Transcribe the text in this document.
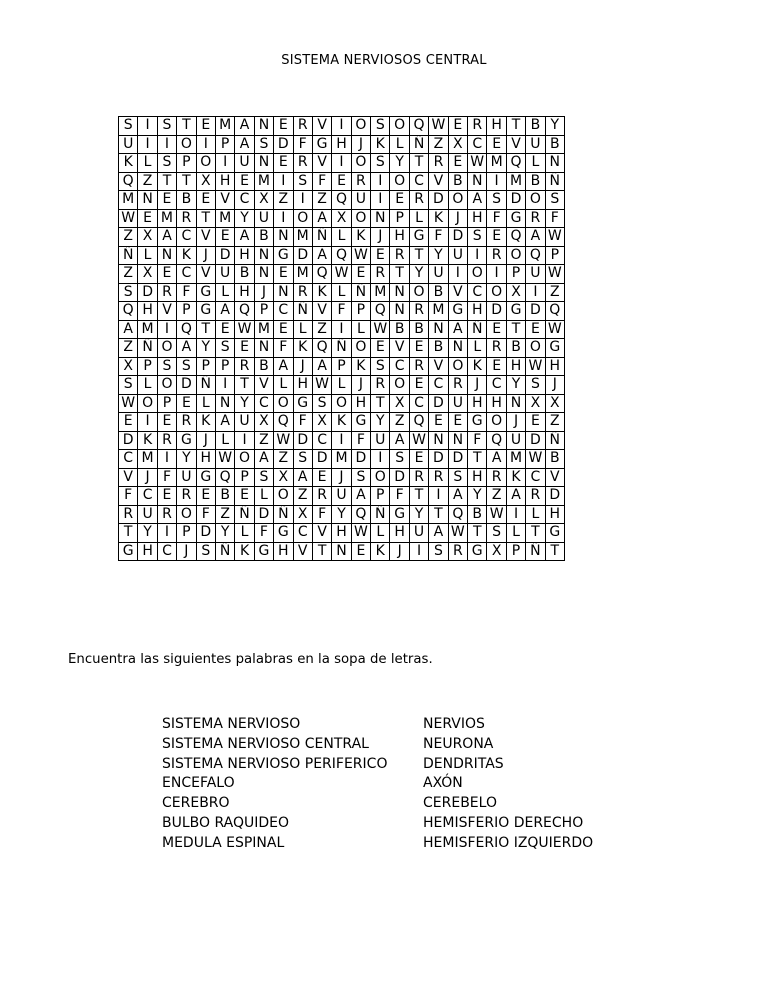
SISTEMA NERVIOSOS CENTRAL
S	I	S	T	E	M	A	N	E	R	V	I	O	S	O	Q	W	E	R	H	T	B	Y
U	I	I	O	I	P	A	S	D	F	G	H	J	K	L	Ñ	Z	X	C	E	V	U	B
K	L	S	P	O	I	U	N	E	R	V	I	O	S	Y	T	R	E	W	M	Q	L	N
Q	Z	T	T	X	H	E	M	I	S	F	E	R	I	O	C	V	B	N	I	M	B	Ñ
M	N	E	B	E	V	C	X	Z	I	Z	Q	U	I	E	R	D	O	A	S	D	O	S
W	E	M	R	T	M	Y	U	I	O	A	X	O	N	P	L	K	J	H	F	G	R	F
Z	X	A	C	V	E	A	B	N	M	Ñ	L	K	J	H	G	F	D	S	E	Q	A	W
Ñ	L	N	K	J	D	H	N	G	D	A	Q	W	E	R	T	Y	U	I	R	O	Q	P
Z	X	E	C	V	U	B	N	E	M	Q	W	E	R	T	Y	U	I	O	I	P	U	W
S	D	R	F	G	L	H	J	N	R	K	L	Ñ	M	N	O	B	V	C	O	X	I	Z
Q	H	V	P	G	A	Q	P	C	Ñ	V	F	P	Q	N	R	M	G	H	D	G	D	Q
A	M	I	Q	T	E	W	M	E	L	Z	I	L	W	B	B	N	A	Ñ	E	T	E	W
Z	Ñ	O	A	Y	S	E	N	F	K	Q	Ñ	O	E	V	E	B	N	L	R	B	O	G
X	P	S	S	P	P	R	B	A	J	A	P	K	S	C	R	V	O	K	E	H	W	H
S	L	O	D	Ñ	I	T	V	L	H	W	L	J	R	O	E	C	R	J	C	Y	S	J
W	O	P	E	L	N	Y	C	O	G	S	O	H	T	X	C	D	U	H	H	N	X	X
E	I	E	R	K	A	U	X	Q	F	X	K	G	Y	Z	Q	E	E	G	O	J	E	Z
D	K	R	G	J	L	I	Z	W	D	C	I	F	U	A	W	N	N	F	Q	U	D	Ñ
C	M	I	Y	H	W	O	A	Z	S	D	M	D	I	S	E	D	D	T	A	M	W	B
V	J	F	U	G	Q	P	S	X	A	E	J	S	O	D	R	R	S	H	R	K	C	V
F	C	E	R	E	B	E	L	O	Z	R	U	A	P	F	T	I	A	Y	Z	A	R	D
R	U	R	O	F	Z	Ñ	D	Ñ	X	F	Y	Q	Ñ	G	Y	T	Q	B	W	I	L	H
T	Y	I	P	D	Y	L	F	G	C	V	H	W	L	H	U	A	W	T	S	L	T	G
G	H	C	J	S	Ñ	K	G	H	V	T	N	E	K	J	I	S	R	G	X	P	Ñ	T
Encuentra las siguientes palabras en la sopa de letras.
SISTEMA NERVIOSO
SISTEMA NERVIOSO CENTRAL
SISTEMA NERVIOSO PERIFERICO
ENCEFALO
CEREBRO
BULBO RAQUIDEO
MEDULA ESPINAL
NERVIOS
NEURONA
DENDRITAS
AXÓN
CEREBELO
HEMISFERIO DERECHO
HEMISFERIO IZQUIERDO
